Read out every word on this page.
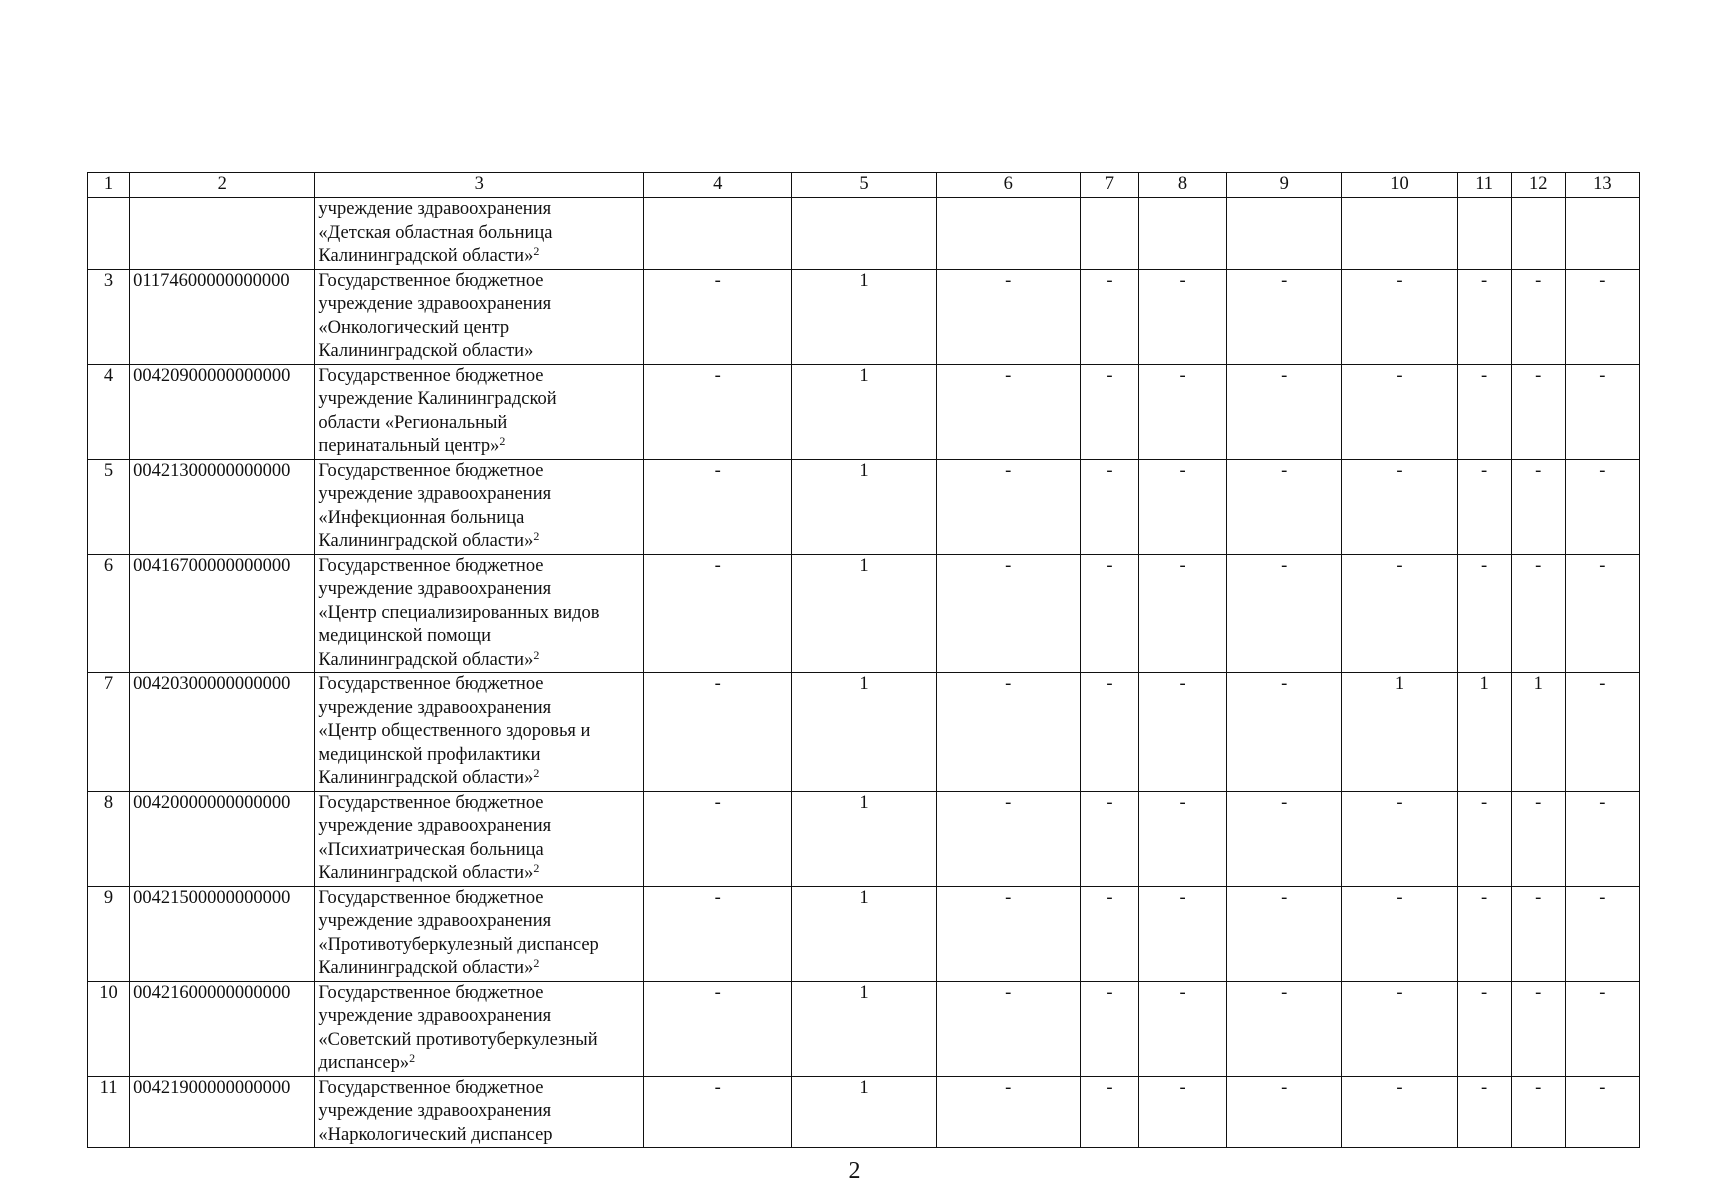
1	2	3	4	5	6	7	8	9	10	11	12	13

		учреждение здравоохранения
«Детская областная больница
Калининградской области»$^2$

3	01174600000000000	Государственное бюджетное
учреждение здравоохранения
«Онкологический центр
Калининградской области»	-	1	-	-	-	-	-	-	-	-
4	00420900000000000	Государственное бюджетное
учреждение Калининградской
области «Региональный
перинатальный центр»$^2$	-	1	-	-	-	-	-	-	-	-
5	00421300000000000	Государственное бюджетное
учреждение здравоохранения
«Инфекционная больница
Калининградской области»$^2$	-	1	-	-	-	-	-	-	-	-
6	00416700000000000	Государственное бюджетное
учреждение здравоохранения
«Центр специализированных видов
медицинской помощи
Калининградской области»$^2$	-	1	-	-	-	-	-	-	-	-
7	00420300000000000	Государственное бюджетное
учреждение здравоохранения
«Центр общественного здоровья и
медицинской профилактики
Калининградской области»$^2$	-	1	-	-	-	-	1	1	1	-
8	00420000000000000	Государственное бюджетное
учреждение здравоохранения
«Психиатрическая больница
Калининградской области»$^2$	-	1	-	-	-	-	-	-	-	-
9	00421500000000000	Государственное бюджетное
учреждение здравоохранения
«Противотуберкулезный диспансер
Калининградской области»$^2$	-	1	-	-	-	-	-	-	-	-
10	00421600000000000	Государственное бюджетное
учреждение здравоохранения
«Советский противотуберкулезный
диспансер»$^2$	-	1	-	-	-	-	-	-	-	-
11	00421900000000000	Государственное бюджетное
учреждение здравоохранения
«Наркологический диспансер	-	1	-	-	-	-	-	-	-	-
2
